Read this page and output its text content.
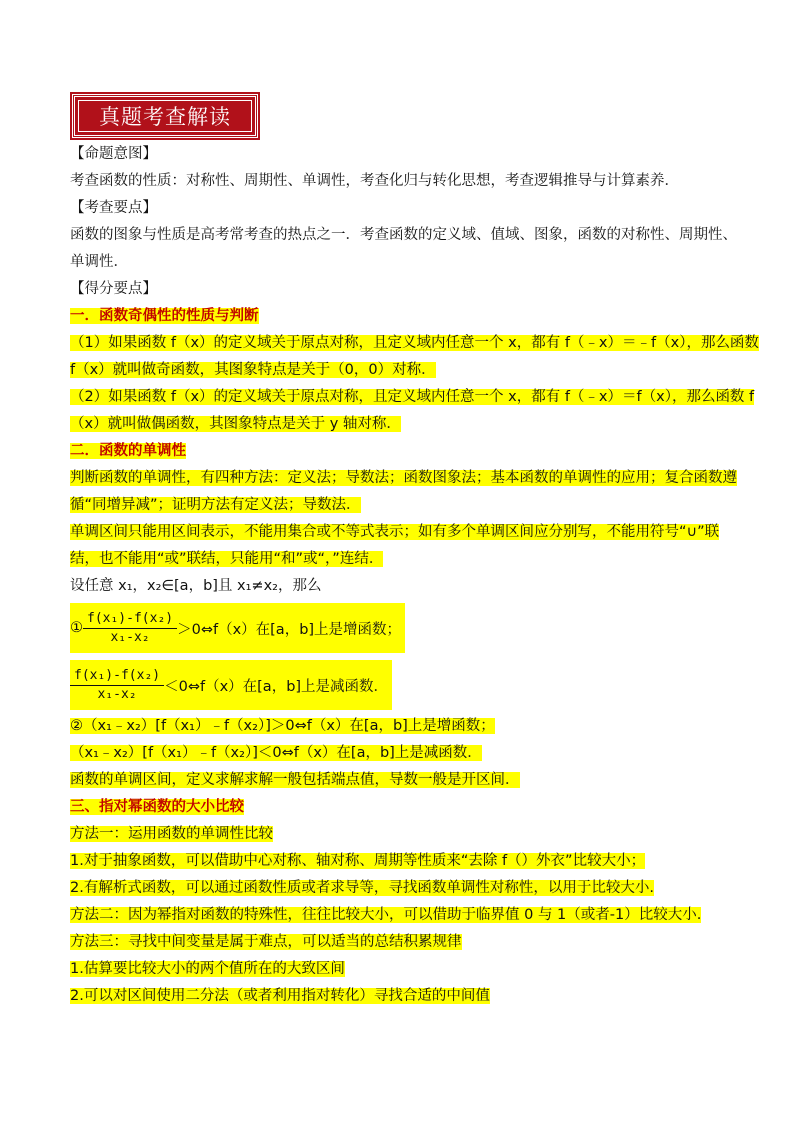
真题考查解读
【命题意图】
考查函数的性质：对称性、周期性、单调性，考查化归与转化思想，考查逻辑推导与计算素养．
【考查要点】
函数的图象与性质是高考常考查的热点之一．考查函数的定义域、值域、图象，函数的对称性、周期性、
单调性．
【得分要点】
一．函数奇偶性的性质与判断
（1）如果函数 f（x）的定义域关于原点对称，且定义域内任意一个 x，都有 f（﹣x）＝﹣f（x），那么函数
f（x）就叫做奇函数，其图象特点是关于（0，0）对称．
（2）如果函数 f（x）的定义域关于原点对称，且定义域内任意一个 x，都有 f（﹣x）＝f（x），那么函数 f
（x）就叫做偶函数，其图象特点是关于 y 轴对称．
二．函数的单调性
判断函数的单调性，有四种方法：定义法；导数法；函数图象法；基本函数的单调性的应用；复合函数遵
循“同增异减”；证明方法有定义法；导数法．
单调区间只能用区间表示，不能用集合或不等式表示；如有多个单调区间应分别写，不能用符号“∪”联
结，也不能用“或”联结，只能用“和”或“，”连结．
设任意 x₁，x₂∈[a，b]且 x₁≠x₂，那么
① $\frac{\text{f(x₁)-f(x₂)}}{\text{x₁-x₂}}$ ＞0⇔f（x）在[a，b]上是增函数；
$\frac{\text{f(x₁)-f(x₂)}}{\text{x₁-x₂}}$ ＜0⇔f（x）在[a，b]上是减函数．
②（x₁﹣x₂）[f（x₁）﹣f（x₂）]＞0⇔f（x）在[a，b]上是增函数；
（x₁﹣x₂）[f（x₁）﹣f（x₂）]＜0⇔f（x）在[a，b]上是减函数．
函数的单调区间，定义求解求解一般包括端点值，导数一般是开区间．
三、指对幂函数的大小比较
方法一：运用函数的单调性比较
1.对于抽象函数，可以借助中心对称、轴对称、周期等性质来“去除 f（）外衣”比较大小；
2.有解析式函数，可以通过函数性质或者求导等，寻找函数单调性对称性，以用于比较大小.
方法二：因为幂指对函数的特殊性，往往比较大小，可以借助于临界值 0 与 1（或者-1）比较大小.
方法三：寻找中间变量是属于难点，可以适当的总结积累规律
1.估算要比较大小的两个值所在的大致区间
2.可以对区间使用二分法（或者利用指对转化）寻找合适的中间值
